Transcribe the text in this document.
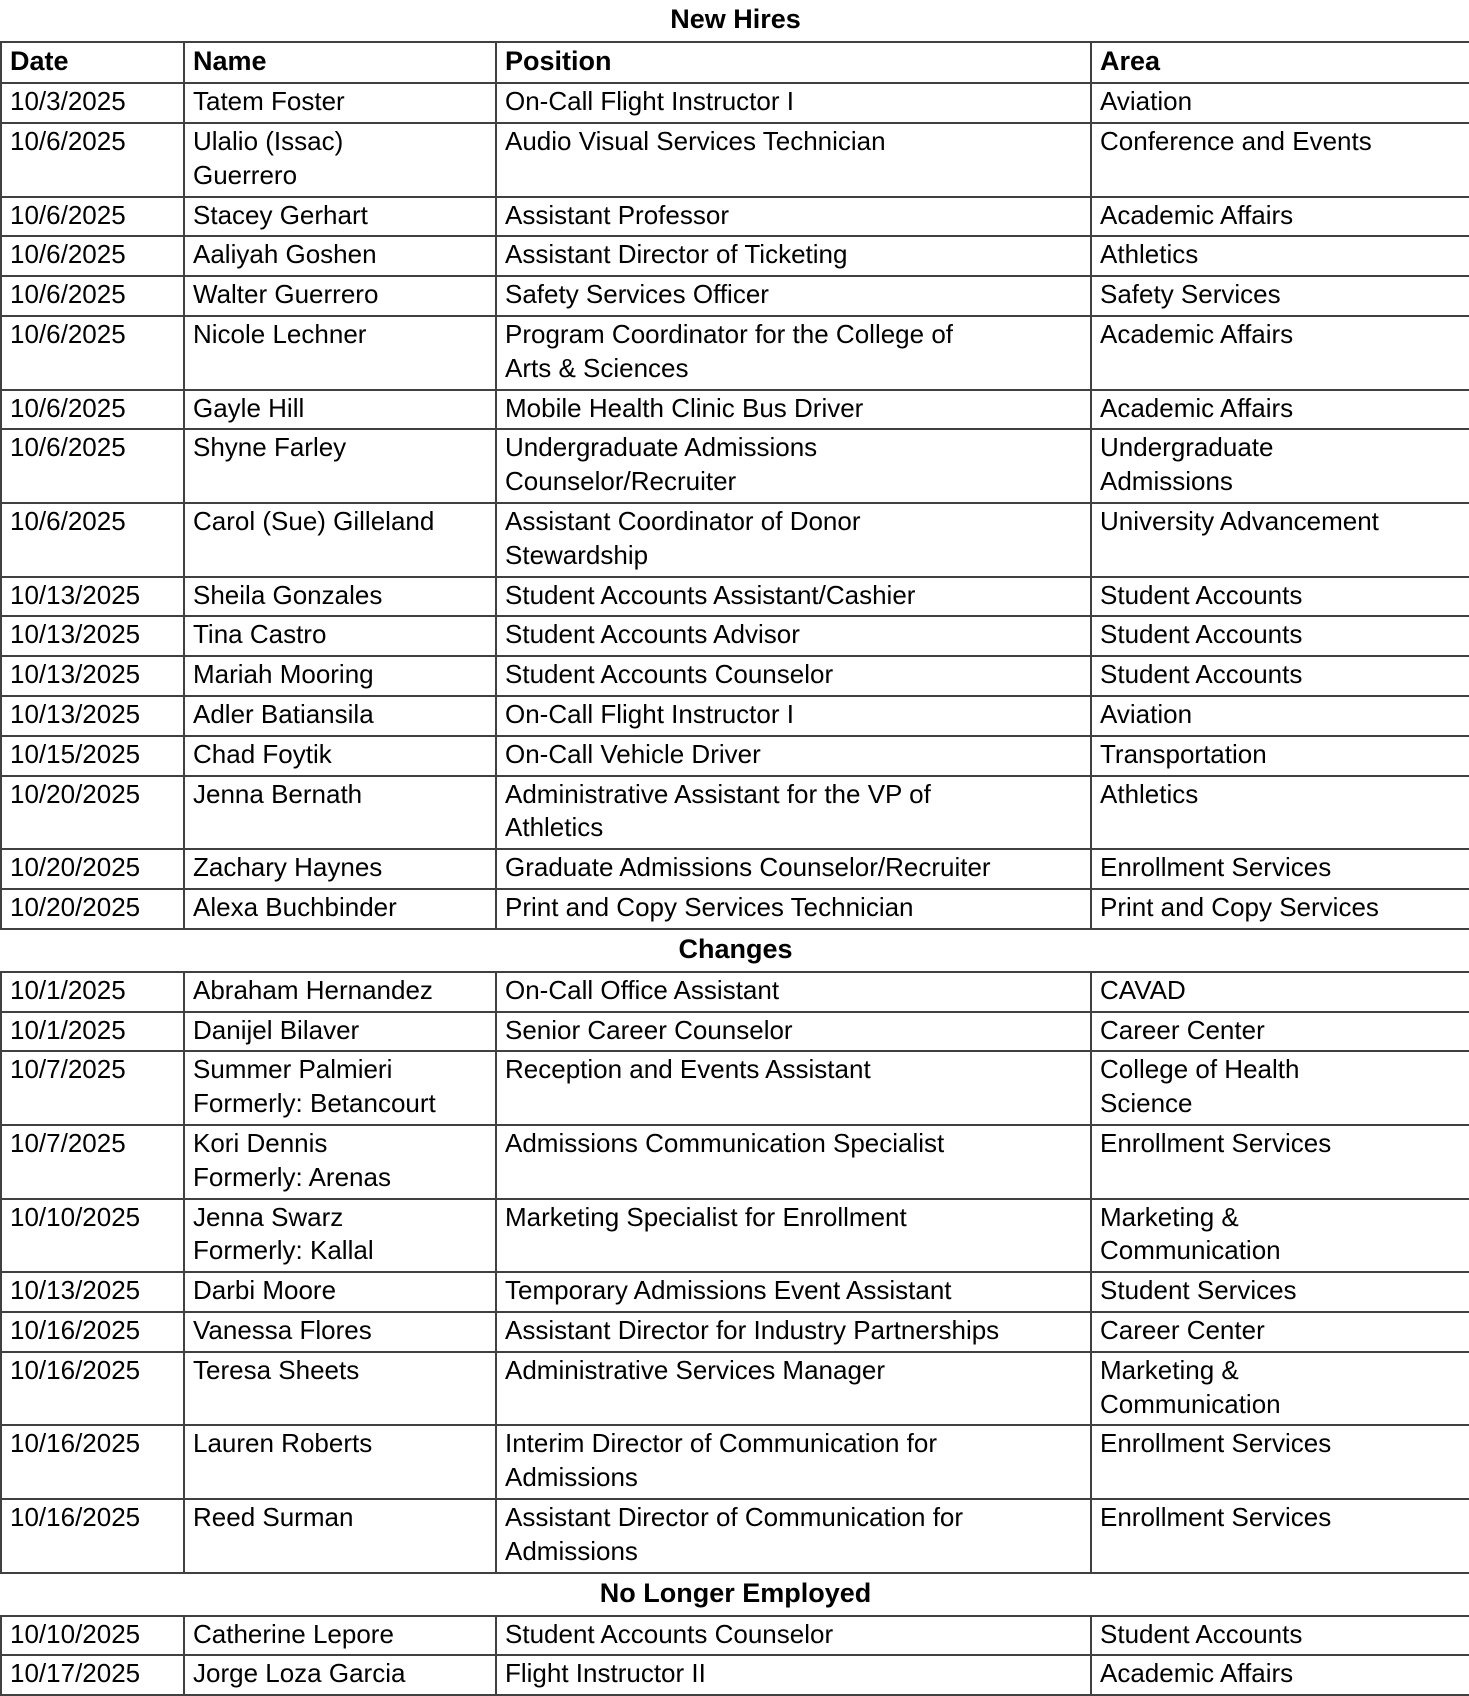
New Hires			
Date	Name	Position	Area
10/3/2025	Tatem Foster	On-Call Flight Instructor I	Aviation
10/6/2025	Ulalio (Issac)
Guerrero	Audio Visual Services Technician	Conference and Events

10/6/2025	Stacey Gerhart	Assistant Professor	Academic Affairs
10/6/2025	Aaliyah Goshen	Assistant Director of Ticketing	Athletics
10/6/2025	Walter Guerrero	Safety Services Officer	Safety Services
10/6/2025	Nicole Lechner	Program Coordinator for the College of
Arts & Sciences	Academic Affairs
10/6/2025	Gayle Hill	Mobile Health Clinic Bus Driver	Academic Affairs
10/6/2025	Shyne Farley	Undergraduate Admissions
Counselor/Recruiter	Undergraduate
Admissions

10/6/2025	Carol (Sue) Gilleland	Assistant Coordinator of Donor
Stewardship	University Advancement
10/13/2025	Sheila Gonzales	Student Accounts Assistant/Cashier	Student Accounts
10/13/2025	Tina Castro	Student Accounts Advisor	Student Accounts
10/13/2025	Mariah Mooring	Student Accounts Counselor	Student Accounts
10/13/2025	Adler Batiansila	On-Call Flight Instructor I	Aviation
10/15/2025	Chad Foytik	On-Call Vehicle Driver	Transportation
10/20/2025	Jenna Bernath	Administrative Assistant for the VP of
Athletics	Athletics
10/20/2025	Zachary Haynes	Graduate Admissions Counselor/Recruiter	Enrollment Services
10/20/2025	Alexa Buchbinder	Print and Copy Services Technician	Print and Copy Services
Changes			
10/1/2025	Abraham Hernandez	On-Call Office Assistant	CAVAD
10/1/2025	Danijel Bilaver	Senior Career Counselor	Career Center
10/7/2025	Summer Palmieri
Formerly: Betancourt	Reception and Events Assistant	College of Health
Science

10/7/2025	Kori Dennis
Formerly: Arenas	Admissions Communication Specialist	Enrollment Services

10/10/2025	Jenna Swarz
Formerly: Kallal	Marketing Specialist for Enrollment	Marketing &
Communication

10/13/2025	Darbi Moore	Temporary Admissions Event Assistant	Student Services
10/16/2025	Vanessa Flores	Assistant Director for Industry Partnerships	Career Center
10/16/2025	Teresa Sheets	Administrative Services Manager	Marketing &
Communication

10/16/2025	Lauren Roberts	Interim Director of Communication for
Admissions	Enrollment Services
10/16/2025	Reed Surman	Assistant Director of Communication for
Admissions	Enrollment Services
No Longer Employed			
10/10/2025	Catherine Lepore	Student Accounts Counselor	Student Accounts
10/17/2025	Jorge Loza Garcia	Flight Instructor II	Academic Affairs
